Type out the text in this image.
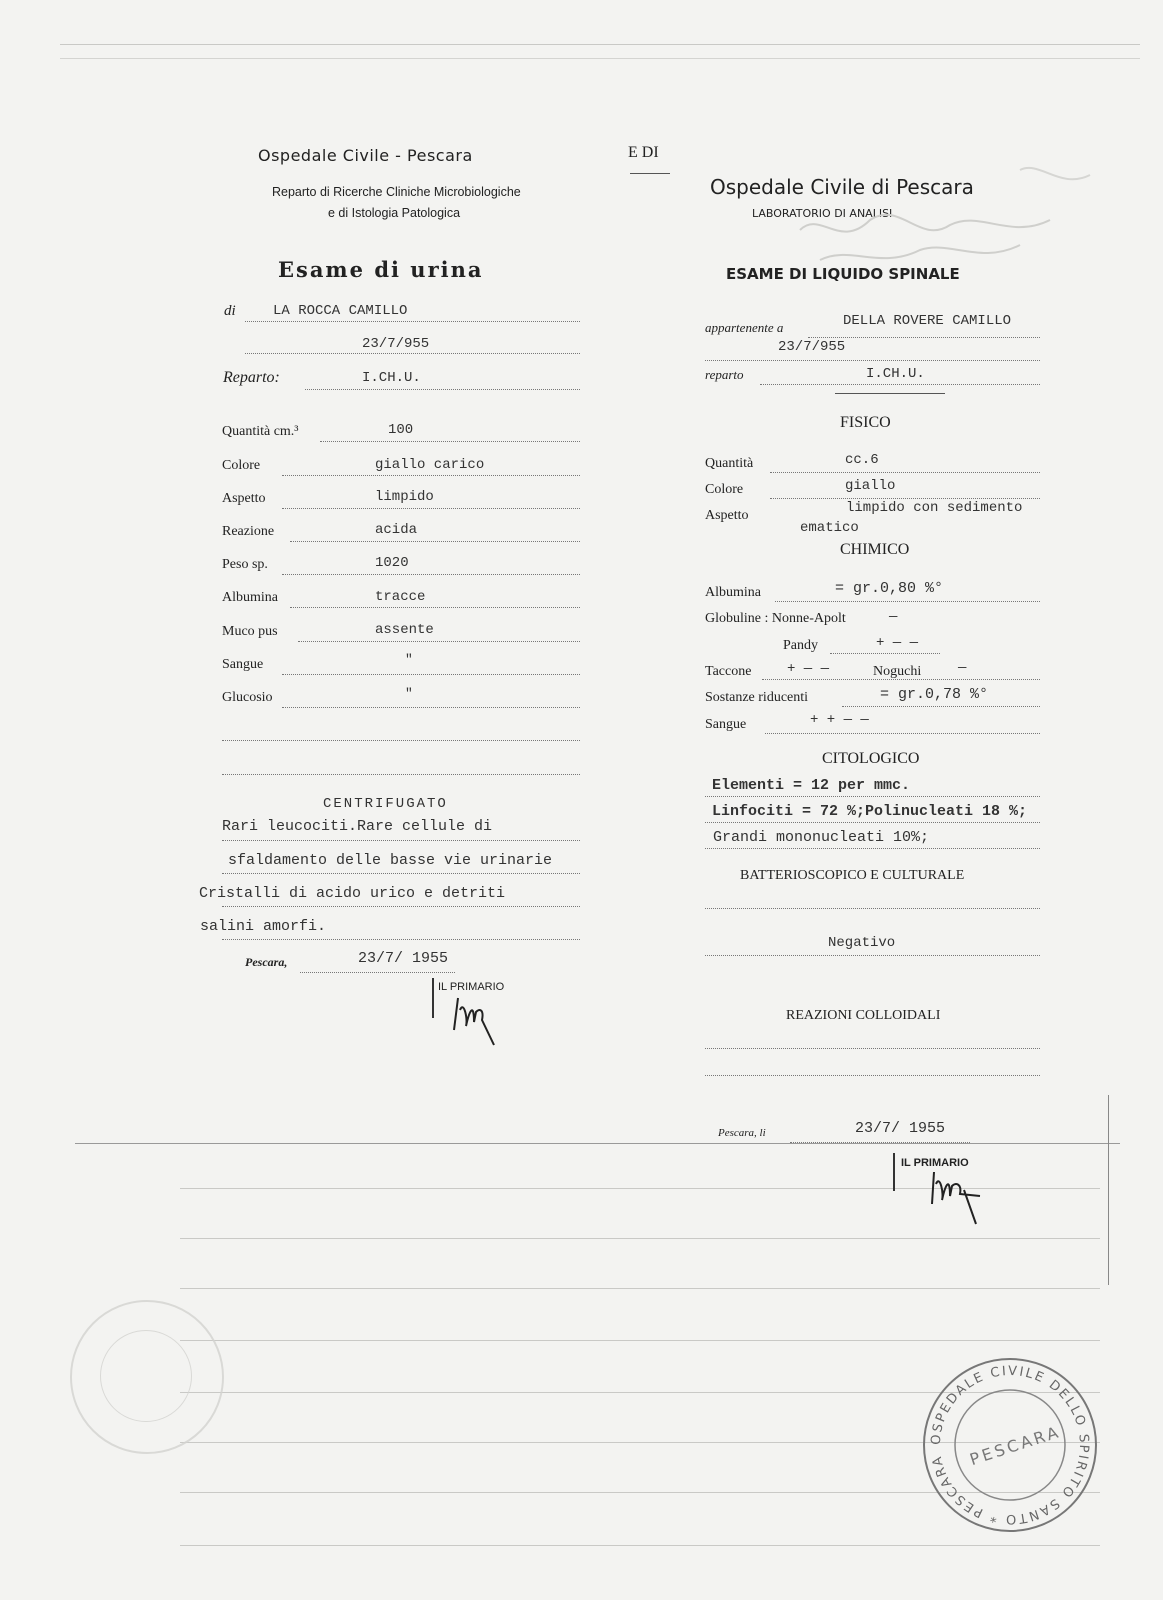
Ospedale Civile - Pescara
Reparto di Ricerche Cliniche Microbiologiche
e di Istologia Patologica
Esame di urina
di	LA ROCCA CAMILLO
23/7/955
Reparto:	I.CH.U.
Quantità cm.³	100
Colore	giallo carico
Aspetto	limpido
Reazione	acida
Peso sp.	1020
Albumina	tracce
Muco pus	assente
Sangue	"
Glucosio	"
CENTRIFUGATO
Rari leucociti.Rare cellule di
sfaldamento delle basse vie urinarie
Cristalli di acido urico e detriti
salini amorfi.
Pescara,	23/7/ 1955
IL PRIMARIO
E DI
Ospedale Civile di Pescara
LABORATORIO DI ANALISI
ESAME DI LIQUIDO SPINALE
appartenente a	DELLA ROVERE CAMILLO
23/7/955
reparto	I.CH.U.
FISICO
Quantità	cc.6
Colore	giallo
Aspetto	limpido con sedimento
ematico
CHIMICO
Albumina	= gr.0,80 %°
Globuline : Nonne-Apolt	—
Pandy	+ — —
Taccone	+ — —	Noguchi	—
Sostanze riducenti	= gr.0,78 %°
Sangue	+ + — —
CITOLOGICO
Elementi = 12 per mmc.
Linfociti = 72 %;Polinucleati 18 %;
Grandi mononucleati 10%;
BATTERIOSCOPICO E CULTURALE
Negativo
REAZIONI COLLOIDALI
Pescara, li	23/7/ 1955
IL PRIMARIO
OSPEDALE CIVILE DELLO SPIRITO SANTO * PESCARA	PESCARA
